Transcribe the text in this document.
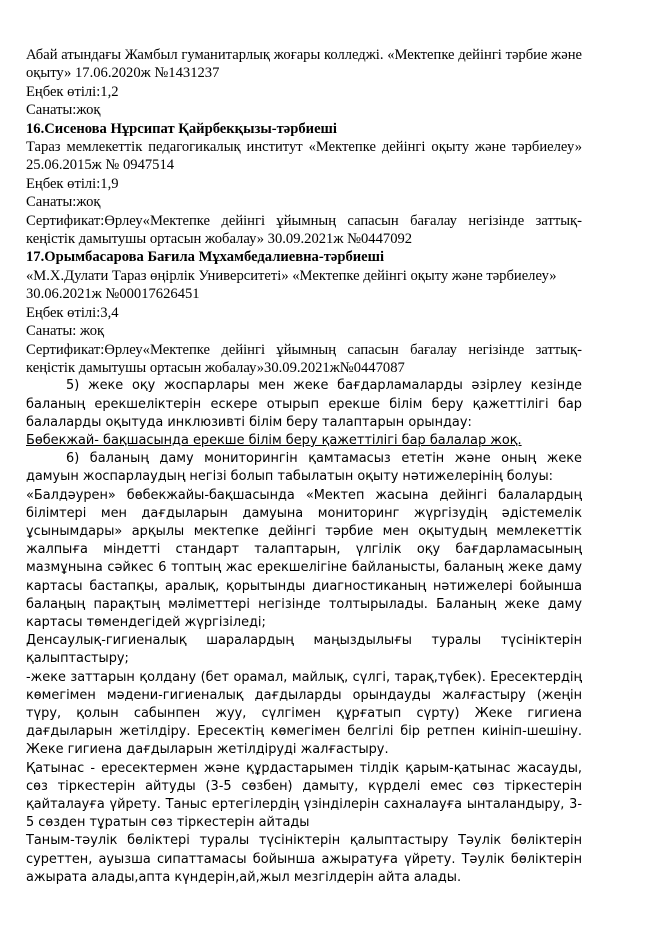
Абай атындағы Жамбыл гуманитарлық жоғары колледжі. «Мектепке дейінгі тәрбие және оқыту» 17.06.2020ж №1431237

Еңбек өтілі:1,2

Санаты:жоқ

16.Сисенова Нұрсипат Қайрбекқызы-тәрбиеші

Тараз мемлекеттік педагогикалық институт «Мектепке дейінгі оқыту және тәрбиелеу» 25.06.2015ж № 0947514

Еңбек өтілі:1,9

Санаты:жоқ

Сертификат:Өрлеу«Мектепке дейінгі ұйымның сапасын бағалау негізінде заттық-кеңістік дамытушы ортасын жобалау» 30.09.2021ж №0447092

17.Орымбасарова Бағила Мұхамбедалиевна-тәрбиеші

«М.Х.Дулати Тараз өңірлік Университеті» «Мектепке дейінгі оқыту және тәрбиелеу»

30.06.2021ж №00017626451

Еңбек өтілі:3,4

Санаты: жоқ

Сертификат:Өрлеу«Мектепке дейінгі ұйымның сапасын бағалау негізінде заттық-кеңістік дамытушы ортасын жобалау»30.09.2021ж№0447087

5) жеке оқу жоспарлары мен жеке бағдарламаларды әзірлеу кезінде баланың ерекшеліктерін ескере отырып ерекше білім беру қажеттілігі бар балаларды оқытуда инклюзивті білім беру талаптарын орындау:

Бөбекжай- бақшасында ерекше білім беру қажеттілігі бар балалар жоқ.

6) баланың даму мониторингін қамтамасыз ететін және оның жеке дамуын жоспарлаудың негізі болып табылатын оқыту нәтижелерінің болуы:

«Балдәурен» бөбекжайы-бақшасында «Мектеп жасына дейінгі балалардың білімтері мен дағдыларын дамуына мониторинг жүргізудің әдістемелік ұсынымдары» арқылы мектепке дейінгі тәрбие мен оқытудың мемлекеттік жалпыға міндетті стандарт талаптарын, үлгілік оқу бағдарламасының мазмұнына сәйкес 6 топтың жас ерекшелігіне байланысты, баланың жеке даму картасы бастапқы, аралық, қорытынды диагностиканың нәтижелері бойынша балаңың парақтың мәліметтері негізінде толтырылады. Баланың жеке даму картасы төмендегідей жүргізіледі;

Денсаулық-гигиеналық шаралардың маңыздылығы туралы түсініктерін қалыптастыру;

-жеке заттарын қолдану (бет орамал, майлық, сүлгі, тарақ,түбек). Ересектердің көмегімен мәдени-гигиеналық дағдыларды орындауды жалғастыру (жеңін түру, қолын сабынпен жуу, сүлгімен құрғатып сүрту) Жеке гигиена дағдыларын жетілдіру. Ересектің көмегімен белгілі бір ретпен киініп-шешіну. Жеке гигиена дағдыларын жетілдіруді жалғастыру.

Қатынас - ересектермен және құрдастарымен тілдік қарым-қатынас жасауды, сөз тіркестерін айтуды (3-5 сөзбен) дамыту, күрделі емес сөз тіркестерін қайталауға үйрету. Таныс ертегілердің үзінділерін сахналауға ынталандыру, 3-5 сөзден тұратын сөз тіркестерін айтады

Таным-тәулік бөліктері туралы түсініктерін қалыптастыру Тәулік бөліктерін суреттен, ауызша сипаттамасы бойынша ажыратуға үйрету. Тәулік бөліктерін ажырата алады,апта күндерін,ай,жыл мезгілдерін айта алады.
